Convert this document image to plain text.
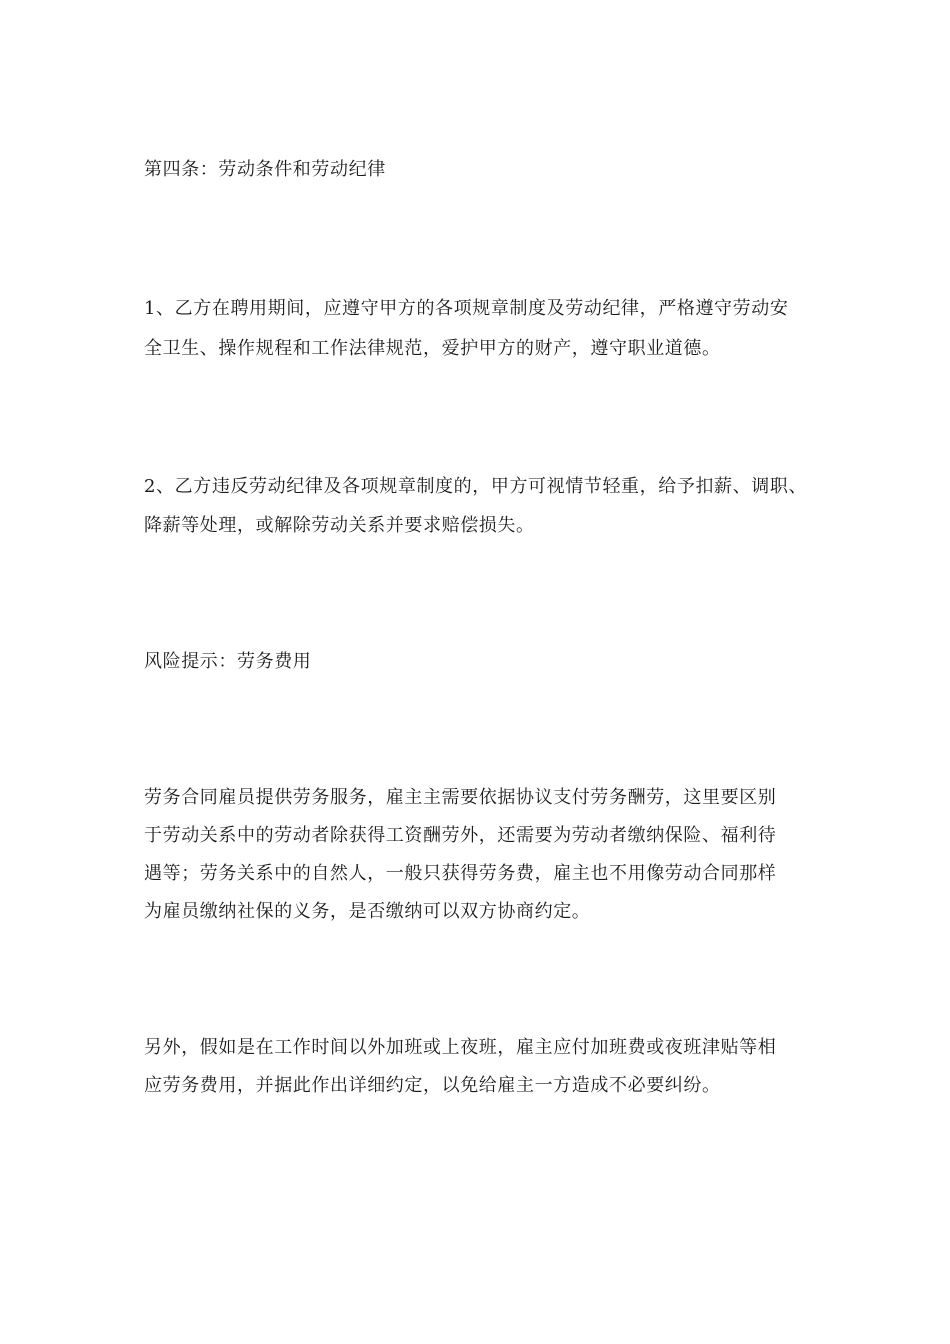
第四条：劳动条件和劳动纪律
1、乙方在聘用期间，应遵守甲方的各项规章制度及劳动纪律，严格遵守劳动安
全卫生、操作规程和工作法律规范，爱护甲方的财产，遵守职业道德。
2、乙方违反劳动纪律及各项规章制度的，甲方可视情节轻重，给予扣薪、调职、
降薪等处理，或解除劳动关系并要求赔偿损失。
风险提示：劳务费用
劳务合同雇员提供劳务服务，雇主主需要依据协议支付劳务酬劳，这里要区别
于劳动关系中的劳动者除获得工资酬劳外，还需要为劳动者缴纳保险、福利待
遇等；劳务关系中的自然人，一般只获得劳务费，雇主也不用像劳动合同那样
为雇员缴纳社保的义务，是否缴纳可以双方协商约定。
另外，假如是在工作时间以外加班或上夜班，雇主应付加班费或夜班津贴等相
应劳务费用，并据此作出详细约定，以免给雇主一方造成不必要纠纷。
